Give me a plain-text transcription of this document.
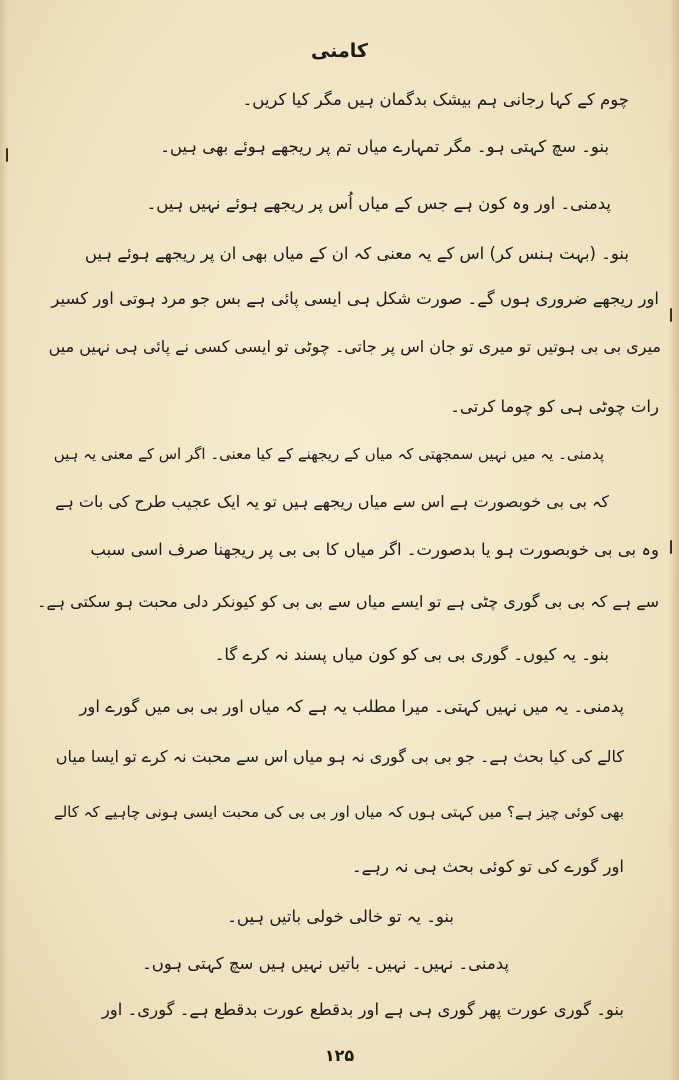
کامنی
چوم کے کہا رجانی ہم بیشک بدگمان ہیں مگر کیا کریں۔
بنو۔ سچ کہتی ہو۔ مگر تمہارے میاں تم پر ریجھے ہوئے بھی ہیں۔
پدمنی۔ اور وہ کون ہے جس کے میاں اُس پر ریجھے ہوئے نہیں ہیں۔
بنو۔ (بہت ہنس کر) اس کے یہ معنی کہ ان کے میاں بھی ان پر ریجھے ہوئے ہیں
اور ریجھے ضروری ہوں گے۔ صورت شکل ہی ایسی پائی ہے بس جو مرد ہوتی اور کسیر
میری بی بی ہوتیں تو میری تو جان اس پر جاتی۔ چوٹی تو ایسی کسی نے پائی ہی نہیں میں
رات چوٹی ہی کو چوما کرتی۔
پدمنی۔ یہ میں نہیں سمجھتی کہ میاں کے ریجھنے کے کیا معنی۔ اگر اس کے معنی یہ ہیں
کہ بی بی خوبصورت ہے اس سے میاں ریجھے ہیں تو یہ ایک عجیب طرح کی بات ہے
وہ بی بی خوبصورت ہو یا بدصورت۔ اگر میاں کا بی بی پر ریجھنا صرف اسی سبب
سے ہے کہ بی بی گوری چٹی ہے تو ایسے میاں سے بی بی کو کیونکر دلی محبت ہو سکتی ہے۔
بنو۔ یہ کیوں۔ گوری بی بی کو کون میاں پسند نہ کرے گا۔
پدمنی۔ یہ میں نہیں کہتی۔ میرا مطلب یہ ہے کہ میاں اور بی بی میں گورے اور
کالے کی کیا بحث ہے۔ جو بی بی گوری نہ ہو میاں اس سے محبت نہ کرے تو ایسا میاں
بھی کوئی چیز ہے؟ میں کہتی ہوں کہ میاں اور بی بی کی محبت ایسی ہونی چاہیے کہ کالے
اور گورے کی تو کوئی بحث ہی نہ رہے۔
بنو۔ یہ تو خالی خولی باتیں ہیں۔
پدمنی۔ نہیں۔ نہیں۔ باتیں نہیں ہیں سچ کہتی ہوں۔
بنو۔ گوری عورت پھر گوری ہی ہے اور بدقطع عورت بدقطع ہے۔ گوری۔ اور
۱۲۵
